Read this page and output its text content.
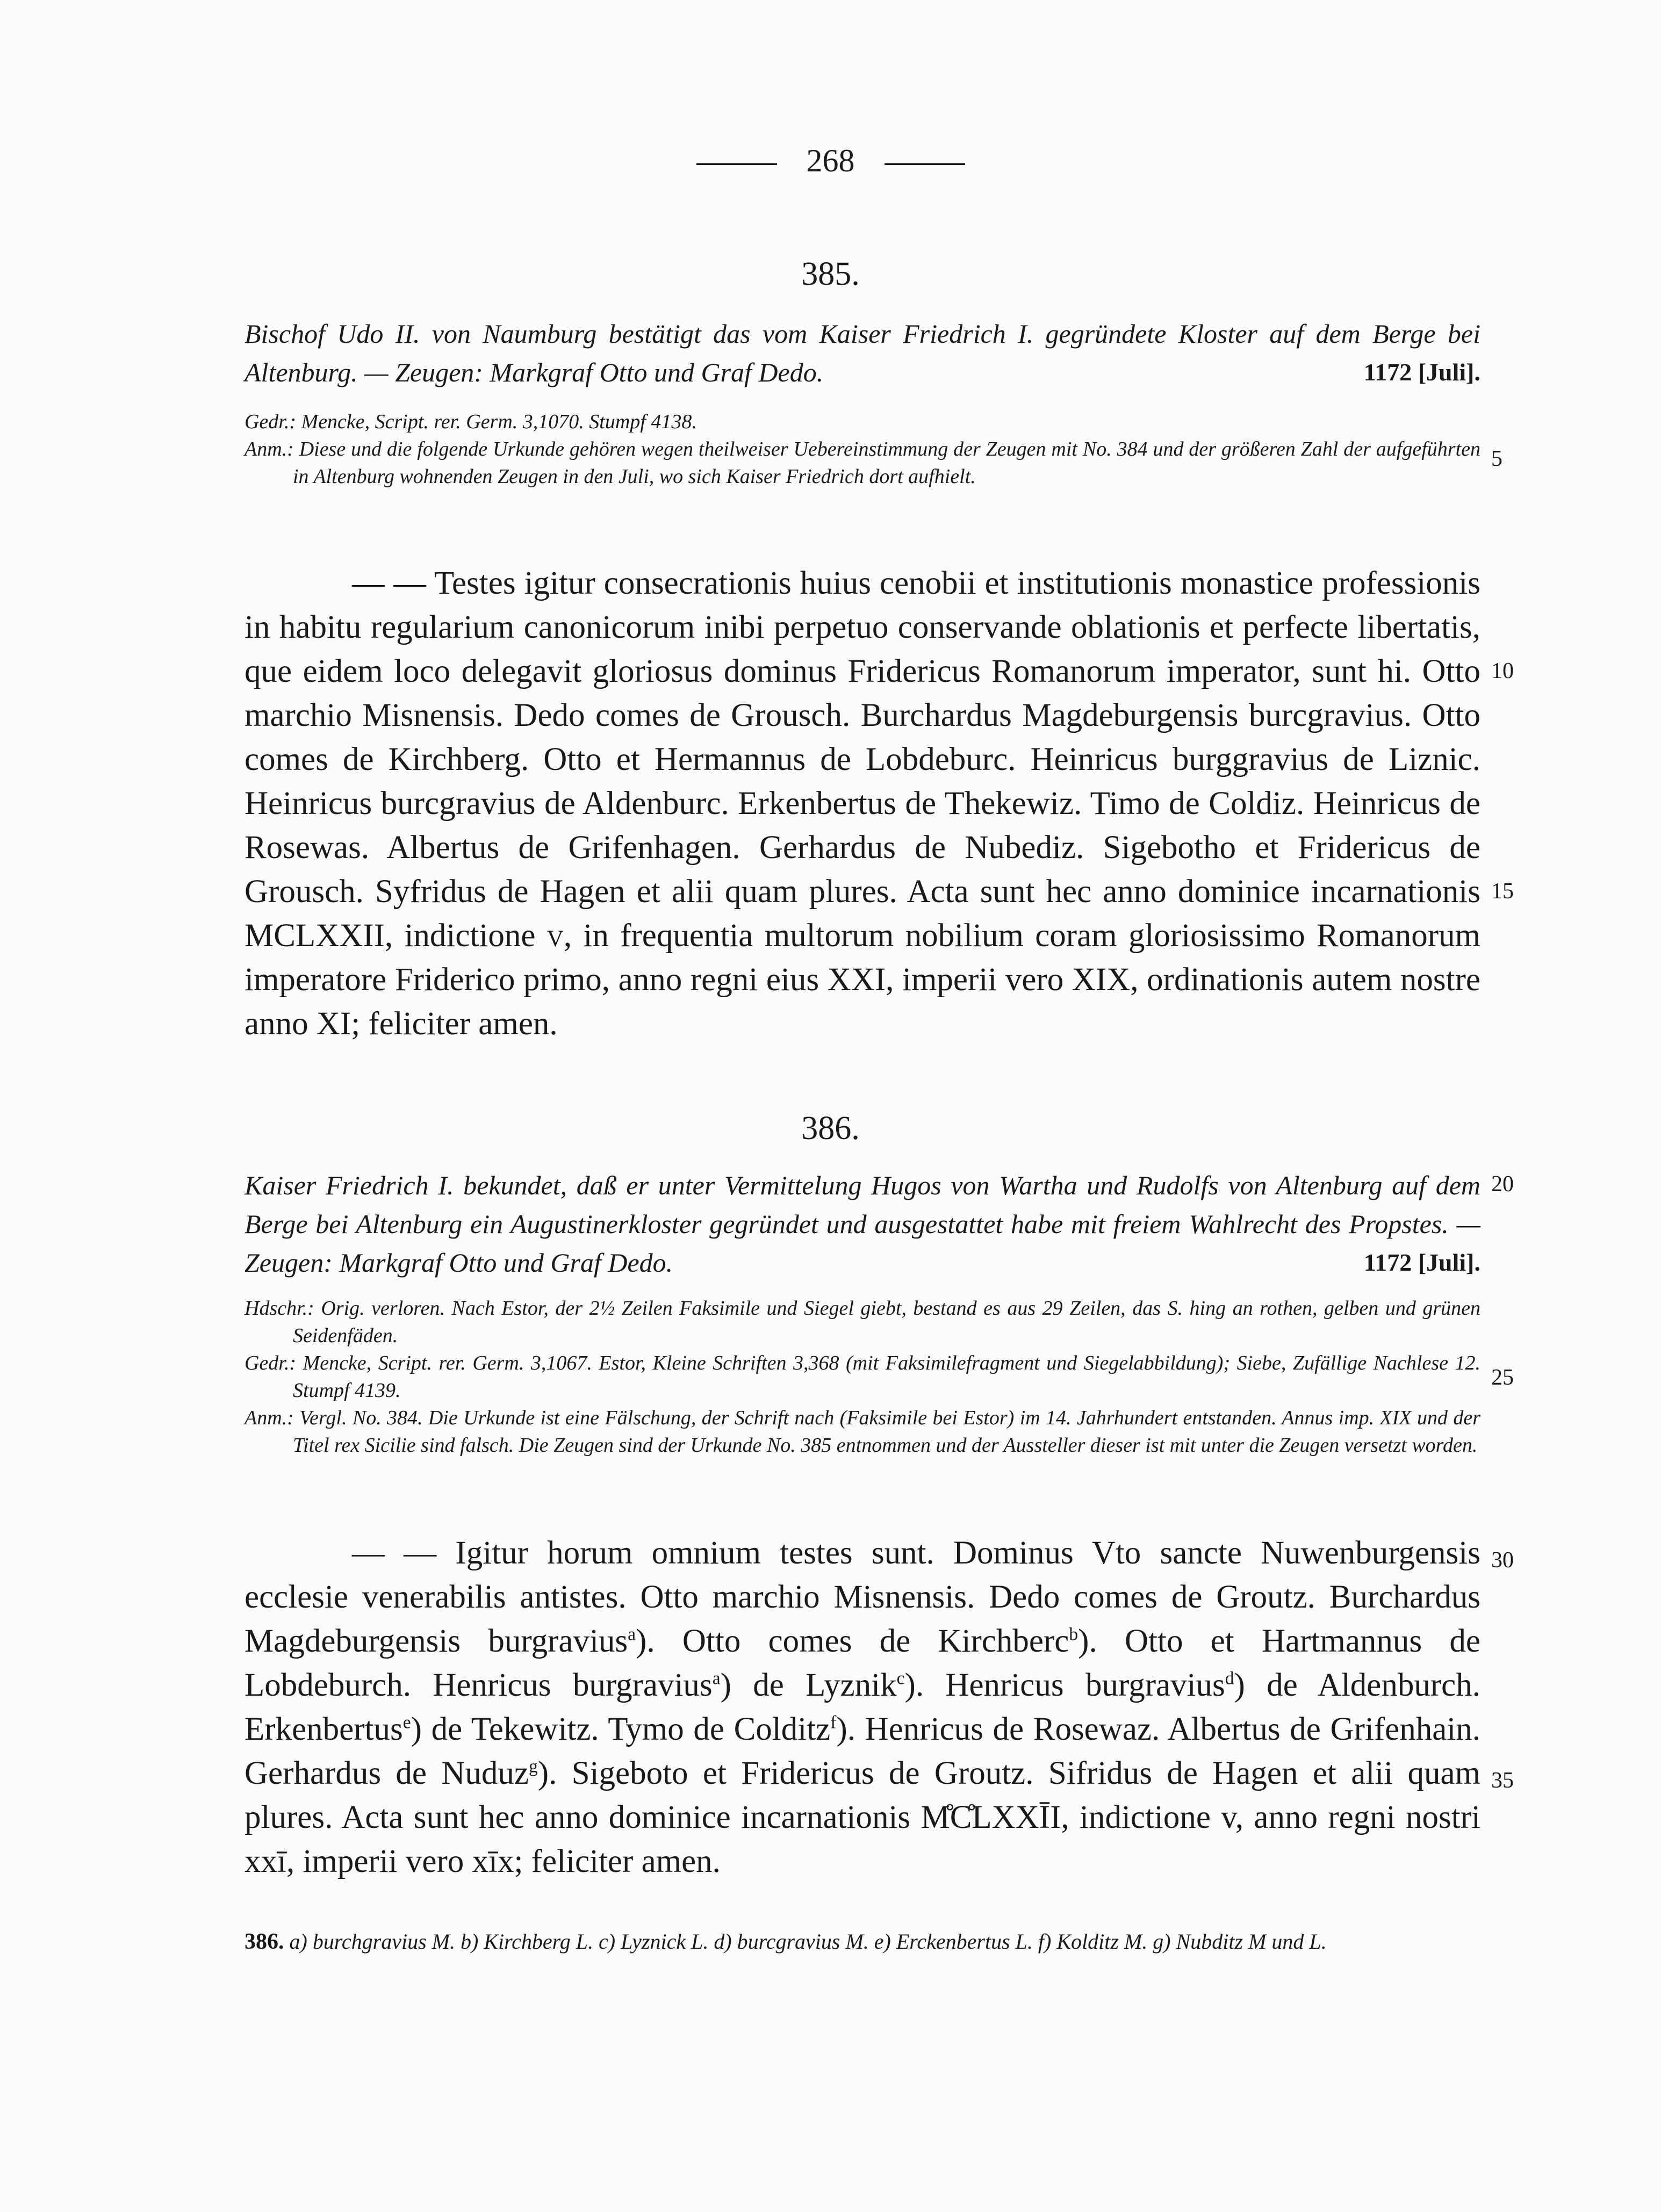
268
385.

Bischof Udo II. von Naumburg bestätigt das vom Kaiser Friedrich I. gegründete Kloster auf dem Berge bei Altenburg. — Zeugen: Markgraf Otto und Graf Dedo.	1172 [Juli].

Gedr.: Mencke, Script. rer. Germ. 3,1070. Stumpf 4138.

Anm.: Diese und die folgende Urkunde gehören wegen theilweiser Uebereinstimmung der Zeugen mit No. 384 und der größeren Zahl der aufgeführten in Altenburg wohnenden Zeugen in den Juli, wo sich Kaiser Friedrich dort aufhielt.

— — Testes igitur consecrationis huius cenobii et institutionis monastice professionis in habitu regularium canonicorum inibi perpetuo conservande oblationis et perfecte libertatis, que eidem loco delegavit gloriosus dominus Fridericus Romanorum imperator, sunt hi. Otto marchio Misnensis. Dedo comes de Grousch. Burchardus Magdeburgensis burcgravius. Otto comes de Kirchberg. Otto et Hermannus de Lobdeburc. Heinricus burggravius de Liznic. Heinricus burcgravius de Aldenburc. Erkenbertus de Thekewiz. Timo de Coldiz. Heinricus de Rosewas. Albertus de Grifenhagen. Gerhardus de Nubediz. Sigebotho et Fridericus de Grousch. Syfridus de Hagen et alii quam plures. Acta sunt hec anno dominice incarnationis MCLXXII, indictione v, in frequentia multorum nobilium coram gloriosissimo Romanorum imperatore Friderico primo, anno regni eius XXI, imperii vero XIX, ordinationis autem nostre anno XI; feliciter amen.

386.

Kaiser Friedrich I. bekundet, daß er unter Vermittelung Hugos von Wartha und Rudolfs von Altenburg auf dem Berge bei Altenburg ein Augustinerkloster gegründet und ausgestattet habe mit freiem Wahlrecht des Propstes. — Zeugen: Markgraf Otto und Graf Dedo.	1172 [Juli].

Hdschr.: Orig. verloren. Nach Estor, der 2½ Zeilen Faksimile und Siegel giebt, bestand es aus 29 Zeilen, das S. hing an rothen, gelben und grünen Seidenfäden.

Gedr.: Mencke, Script. rer. Germ. 3,1067. Estor, Kleine Schriften 3,368 (mit Faksimilefragment und Siegelabbildung); Siebe, Zufällige Nachlese 12. Stumpf 4139.

Anm.: Vergl. No. 384. Die Urkunde ist eine Fälschung, der Schrift nach (Faksimile bei Estor) im 14. Jahrhundert entstanden. Annus imp. XIX und der Titel rex Sicilie sind falsch. Die Zeugen sind der Urkunde No. 385 entnommen und der Aussteller dieser ist mit unter die Zeugen versetzt worden.

— — Igitur horum omnium testes sunt. Dominus Vto sancte Nuwenburgensis ecclesie venerabilis antistes. Otto marchio Misnensis. Dedo comes de Groutz. Burchardus Magdeburgensis burgravius$^a$). Otto comes de Kirchberc$^b$). Otto et Hartmannus de Lobdeburch. Henricus burgravius$^a$) de Lyznik$^c$). Henricus burgravius$^d$) de Aldenburch. Erkenbertus$^e$) de Tekewitz. Tymo de Colditz$^f$). Henricus de Rosewaz. Albertus de Grifenhain. Gerhardus de Nuduz$^g$). Sigeboto et Fridericus de Groutz. Sifridus de Hagen et alii quam plures. Acta sunt hec anno dominice incarnationis M̊C̊LXXĪI, indictione v, anno regni nostri xxī, imperii vero xīx; feliciter amen.

386. a) burchgravius M. b) Kirchberg L. c) Lyznick L. d) burcgravius M. e) Erckenbertus L. f) Kolditz M. g) Nubditz M und L.

5
10
15
20
25
30
35
